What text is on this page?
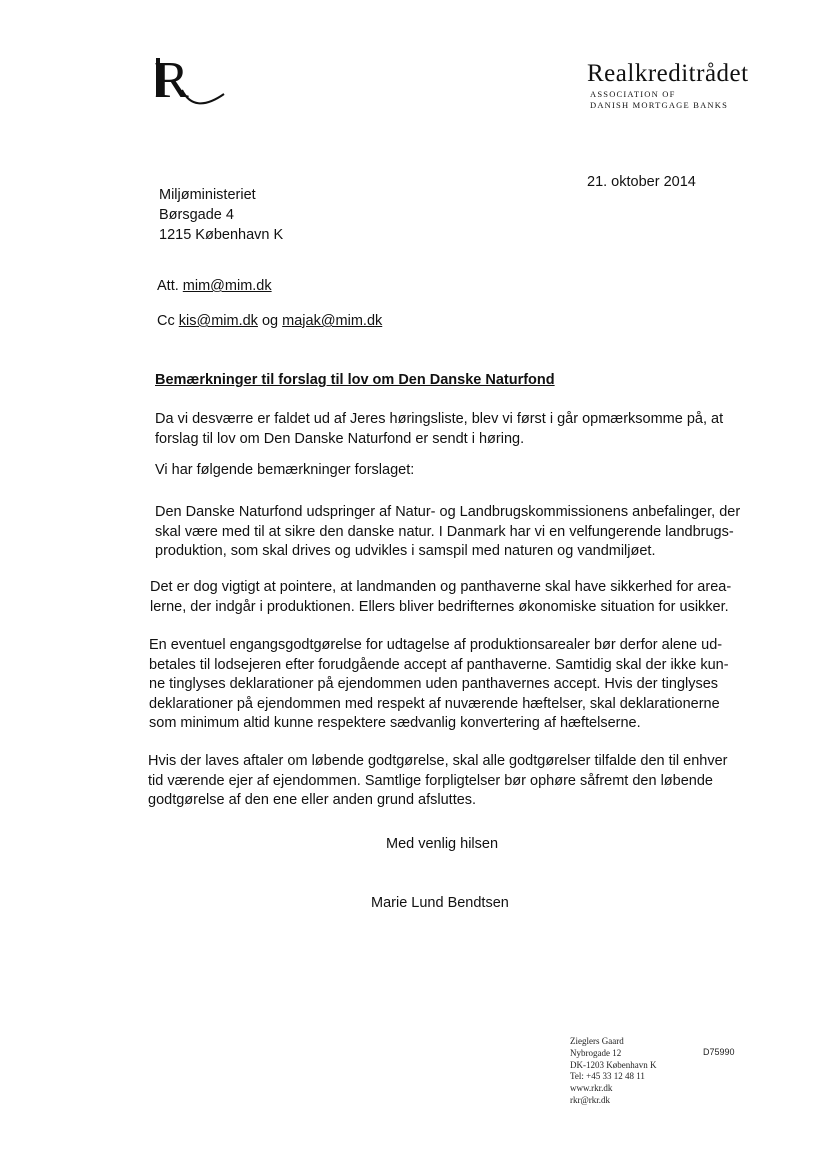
R	Realkreditrådet
ASSOCIATION OF
DANISH MORTGAGE BANKS
21. oktober 2014
Miljøministeriet
Børsgade 4
1215 København K
Att. mim@mim.dk
Cc kis@mim.dk og majak@mim.dk
Bemærkninger til forslag til lov om Den Danske Naturfond
Da vi desværre er faldet ud af Jeres høringsliste, blev vi først i går opmærksomme på, at
forslag til lov om Den Danske Naturfond er sendt i høring.
Vi har følgende bemærkninger forslaget:
Den Danske Naturfond udspringer af Natur- og Landbrugskommissionens anbefalinger, der
skal være med til at sikre den danske natur. I Danmark har vi en velfungerende landbrugs-
produktion, som skal drives og udvikles i samspil med naturen og vandmiljøet.
Det er dog vigtigt at pointere, at landmanden og panthaverne skal have sikkerhed for area-
lerne, der indgår i produktionen. Ellers bliver bedrifternes økonomiske situation for usikker.
En eventuel engangsgodtgørelse for udtagelse af produktionsarealer bør derfor alene ud-
betales til lodsejeren efter forudgående accept af panthaverne. Samtidig skal der ikke kun-
ne tinglyses deklarationer på ejendommen uden panthavernes accept. Hvis der tinglyses
deklarationer på ejendommen med respekt af nuværende hæftelser, skal deklarationerne
som minimum altid kunne respektere sædvanlig konvertering af hæftelserne.
Hvis der laves aftaler om løbende godtgørelse, skal alle godtgørelser tilfalde den til enhver
tid værende ejer af ejendommen. Samtlige forpligtelser bør ophøre såfremt den løbende
godtgørelse af den ene eller anden grund afsluttes.
Med venlig hilsen
Marie Lund Bendtsen
Zieglers Gaard
Nybrogade 12
DK-1203 København K
Tel: +45 33 12 48 11
www.rkr.dk
rkr@rkr.dk
D75990
